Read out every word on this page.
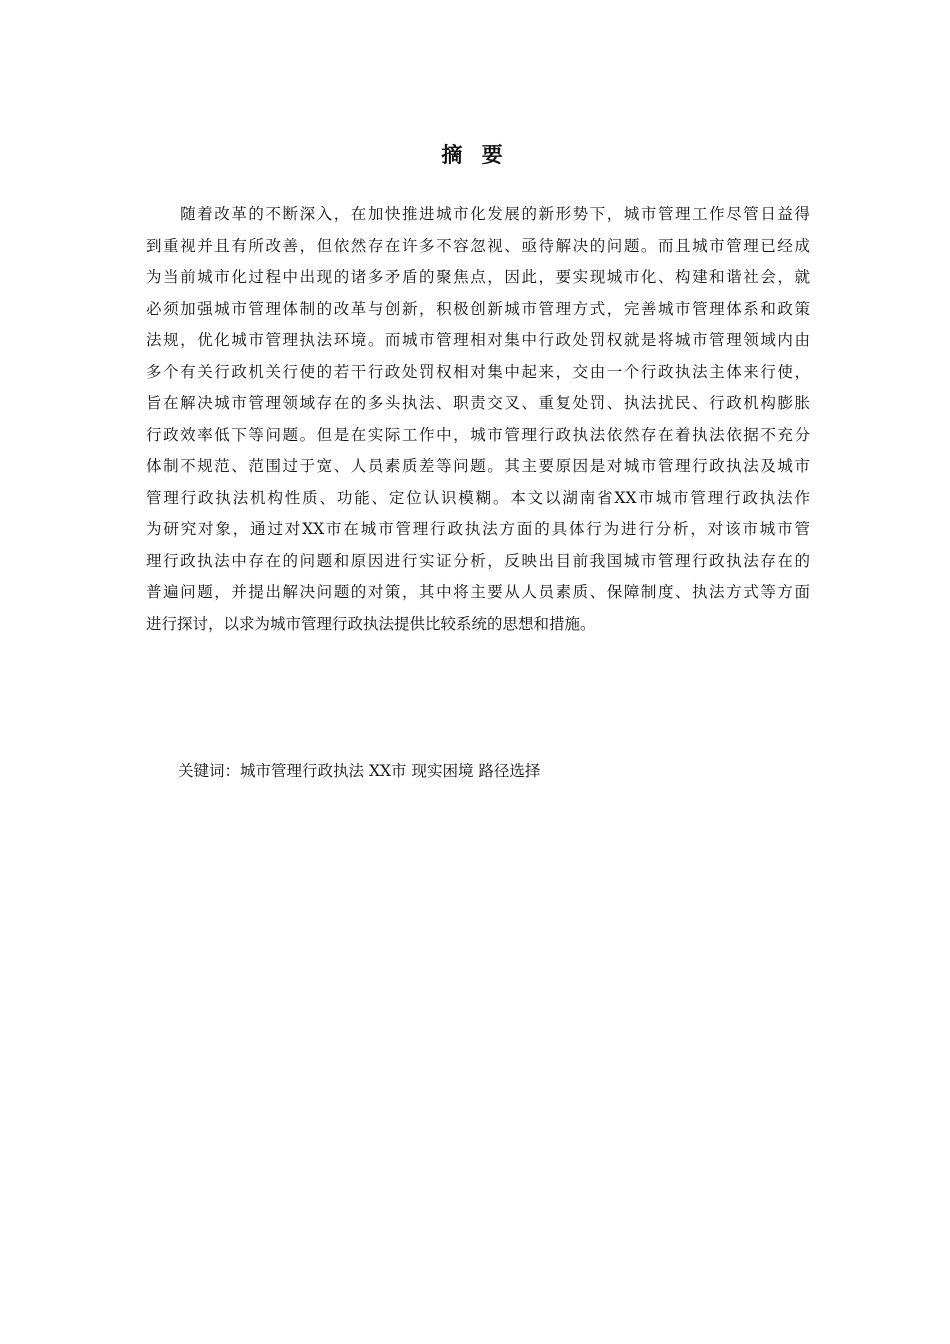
摘 要
　　随着改革的不断深入，在加快推进城市化发展的新形势下，城市管理工作尽管日益得
到重视并且有所改善，但依然存在许多不容忽视、亟待解决的问题。而且城市管理已经成
为当前城市化过程中出现的诸多矛盾的聚焦点，因此，要实现城市化、构建和谐社会，就
必须加强城市管理体制的改革与创新，积极创新城市管理方式，完善城市管理体系和政策
法规，优化城市管理执法环境。而城市管理相对集中行政处罚权就是将城市管理领域内由
多个有关行政机关行使的若干行政处罚权相对集中起来，交由一个行政执法主体来行使，
旨在解决城市管理领域存在的多头执法、职责交叉、重复处罚、执法扰民、行政机构膨胀
行政效率低下等问题。但是在实际工作中，城市管理行政执法依然存在着执法依据不充分
体制不规范、范围过于宽、人员素质差等问题。其主要原因是对城市管理行政执法及城市
管理行政执法机构性质、功能、定位认识模糊。本文以湖南省XX市城市管理行政执法作
为研究对象，通过对XX市在城市管理行政执法方面的具体行为进行分析，对该市城市管
理行政执法中存在的问题和原因进行实证分析，反映出目前我国城市管理行政执法存在的
普遍问题，并提出解决问题的对策，其中将主要从人员素质、保障制度、执法方式等方面
进行探讨，以求为城市管理行政执法提供比较系统的思想和措施。
关键词：城市管理行政执法 XX市 现实困境 路径选择
